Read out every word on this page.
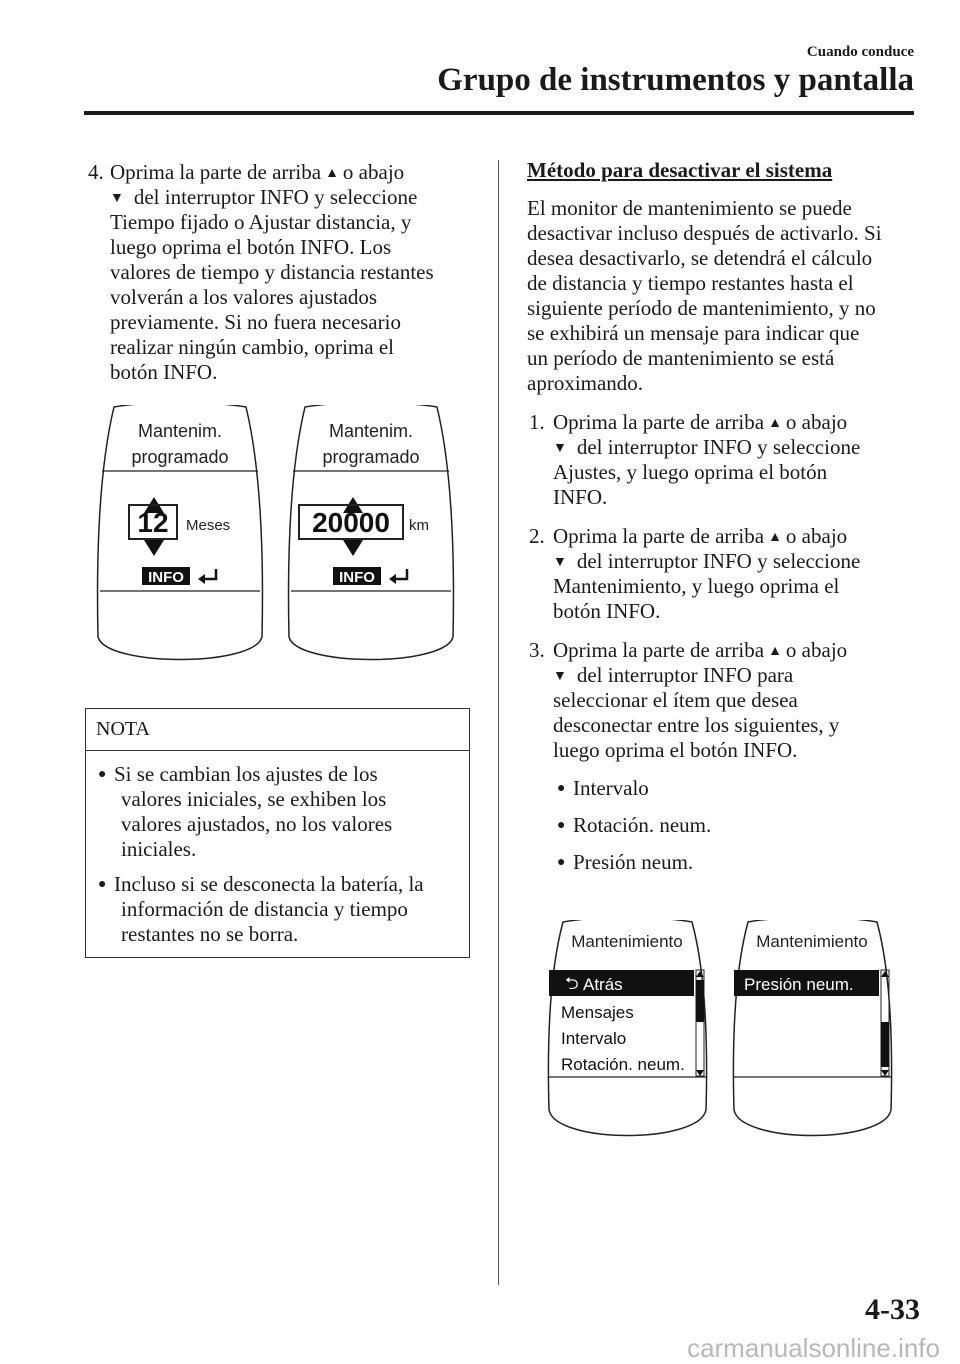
Cuando conduce
Grupo de instrumentos y pantalla
4. Oprima la parte de arriba ▲ o abajo
▼ del interruptor INFO y seleccione
Tiempo fijado o Ajustar distancia, y
luego oprima el botón INFO. Los
valores de tiempo y distancia restantes
volverán a los valores ajustados
previamente. Si no fuera necesario
realizar ningún cambio, oprima el
botón INFO.
Mantenim.
programado
12 Meses
INFO
Mantenim.
programado
20000 km
INFO
NOTA
● Si se cambian los ajustes de los
valores iniciales, se exhiben los
valores ajustados, no los valores
iniciales.
● Incluso si se desconecta la batería, la
información de distancia y tiempo
restantes no se borra.
Método para desactivar el sistema
El monitor de mantenimiento se puede
desactivar incluso después de activarlo. Si
desea desactivarlo, se detendrá el cálculo
de distancia y tiempo restantes hasta el
siguiente período de mantenimiento, y no
se exhibirá un mensaje para indicar que
un período de mantenimiento se está
aproximando.
1. Oprima la parte de arriba ▲ o abajo
▼ del interruptor INFO y seleccione
Ajustes, y luego oprima el botón
INFO.
2. Oprima la parte de arriba ▲ o abajo
▼ del interruptor INFO y seleccione
Mantenimiento, y luego oprima el
botón INFO.
3. Oprima la parte de arriba ▲ o abajo
▼ del interruptor INFO para
seleccionar el ítem que desea
desconectar entre los siguientes, y
luego oprima el botón INFO.
● Intervalo
● Rotación. neum.
● Presión neum.
Mantenimiento
⮌ Atrás
Mensajes
Intervalo
Rotación. neum.
Mantenimiento
Presión neum.
4-33
carmanualsonline.info
